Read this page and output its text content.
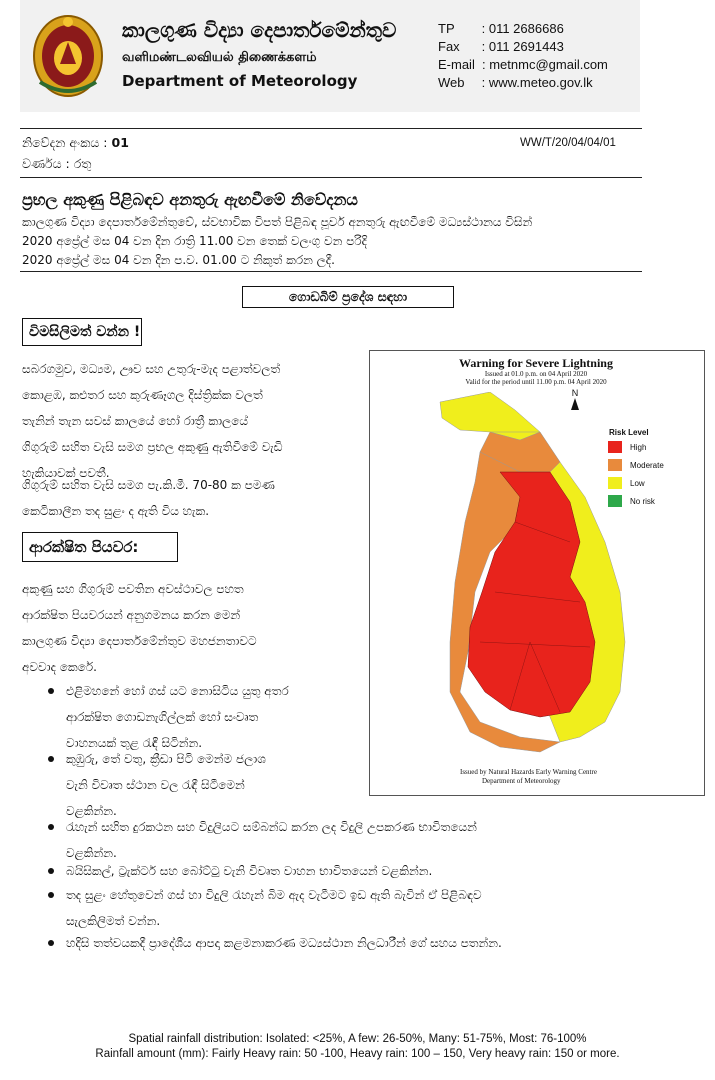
කාලගුණ විද්‍යා දෙපාර්තමේන්තුව
வளிமண்டலவியல் திணைக்களம்
Department of Meteorology
TP : 011 2686686
Fax : 011 2691443
E-mail : metnmc@gmail.com
Web : www.meteo.gov.lk
නිවේදන අංකය : 01	WW/T/20/04/04/01
වර්ණය : රතු
ප්‍රභල අකුණු පිළිබඳව අනතුරු ඇඟවීමේ නිවේදනය
කාලගුණ විද්‍යා දෙපාර්තමේන්තුවේ, ස්වභාවික විපත් පිළිබඳ පූර්ව අනතුරු ඇඟවීමේ මධ්‍යස්ථානය විසින්
2020 අප්‍රේල් මස 04 වන දින රාත්‍රි 11.00 වන තෙක් වලංගු වන පරිදි
2020 අප්‍රේල් මස 04 වන දින ප.ව. 01.00 ට නිකුත් කරන ලදී.
ගොඩබිම් ප්‍රදේශ සඳහා
විමසිලිමත් වන්න !
සබරගමුව, මධ්‍යම, ඌව සහ උතුරු-මැද පළාත්වලත්
කොළඹ, කළුතර සහ කුරුණෑගල දිස්ත්‍රික්ක වලත්
තැනින් තැන සවස් කාලයේ හෝ රාත්‍රී කාලයේ
ගිගුරුම් සහිත වැසි සමග ප්‍රභල අකුණු ඇතිවීමේ වැඩි
හැකියාවක් පවතී.
ගිගුරුම් සහිත වැසි සමග පැ.කි.මී. 70-80 ක පමණ
කෙටිකාලීන තද සුළං ද ඇති විය හැක.
ආරක්ෂිත පියවර:
අකුණු සහ ගිගුරුම් පවතින අවස්ථාවල පහත
ආරක්ෂිත පියවරයන් අනුගමනය කරන මෙන්
කාලගුණ විද්‍යා දෙපාර්තමේන්තුව මහජනතාවට
අවවාද කෙරේ.
එළිමහනේ හෝ ගස් යට නොසිටිය යුතු අතර
ආරක්ෂිත ගොඩනැගිල්ලක් හෝ සංවෘත
වාහනයක් තුළ රැඳී සිටින්න.
කුඹුරු, තේ වතු, ක්‍රීඩා පිටි මෙන්ම ජලාශ
වැනි විවෘත ස්ථාන වල රැඳී සිටීමෙන්
වළකින්න.
රැහැන් සහිත දුරකථන සහ විදුලියට සම්බන්ධ කරන ලද විදුලි උපකරණ භාවිතයෙන්
වළකින්න.
බයිසිකල්, ට්‍රැක්ටර් සහ බෝට්ටු වැනි විවෘත වාහන භාවිතයෙන් වළකින්න.
තද සුළං හේතුවෙන් ගස් හා විදුලි රැහැන් බිම ඇද වැටීමට ඉඩ ඇති බැවින් ඒ පිළිබඳව
සැලකිලිමත් වන්න.
හදිසි තත්වයකදී ප්‍රාදේශීය ආපදා කළමනාකරණ මධ්‍යස්ථාන නිලධාරීන් ගේ සහය පතන්න.
Warning for Severe Lightning
Issued at 01.0 p.m. on 04 April 2020
Valid for the period until 11.00 p.m. 04 April 2020
N
Risk Level
High
Moderate
Low
No risk
Issued by Natural Hazards Early Warning Centre
Department of Meteorology
Spatial rainfall distribution: Isolated: <25%, A few: 26-50%, Many: 51-75%, Most: 76-100%
Rainfall amount (mm): Fairly Heavy rain: 50 -100, Heavy rain: 100 – 150, Very heavy rain: 150 or more.
